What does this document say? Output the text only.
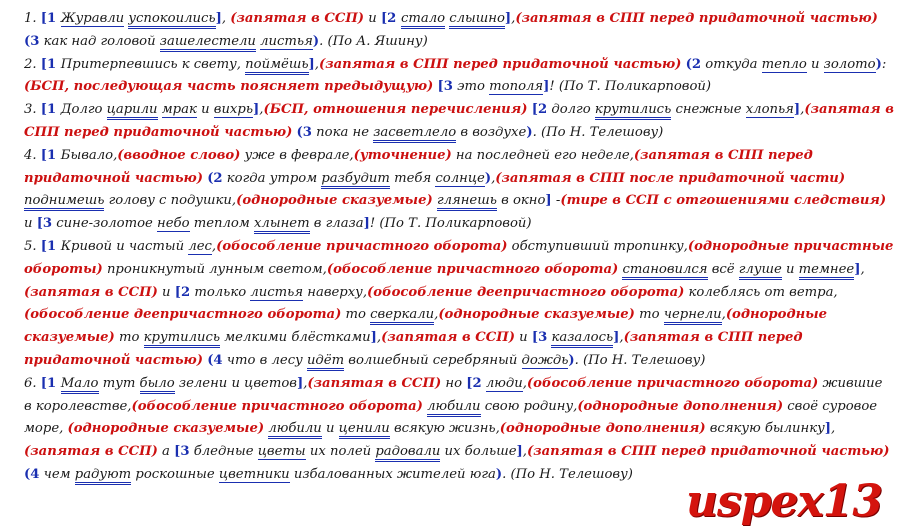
1. [1 Журавли успокоились], (запятая в ССП) и [2 стало слышно],(запятая в СПП перед придаточной частью) (3 как над головой зашелестели листья). (По А. Яшину)

2. [1 Притерпевшись к свету, поймёшь],(запятая в СПП перед придаточной частью) (2 откуда тепло и золото):(БСП, последующая часть поясняет предыдущую) [3 это тополя]! (По Т. Поликарповой)

3. [1 Долго царили мрак и вихрь],(БСП, отношения перечисления) [2 долго крутились снежные хлопья],(запятая в СПП перед придаточной частью) (3 пока не засветлело в воздухе). (По Н. Телешову)

4. [1 Бывало,(вводное слово) уже в феврале,(уточнение) на последней его неделе,(запятая в СПП перед придаточной частью) (2 когда утром разбудит тебя солнце),(запятая в СПП после придаточной части) поднимешь голову с подушки,(однородные сказуемые) глянешь в окно] -(тире в ССП с отгошениями следствия) и [3 сине-золотое небо теплом хлынет в глаза]! (По Т. Поликарповой)

5. [1 Кривой и частый лес,(обособление причастного оборота) обступивший тропинку,(однородные причастные обороты) проникнутый лунным светом,(обособление причастного оборота) становился всё глуше и темнее], (запятая в ССП) и [2 только листья наверху,(обособление деепричастного оборота) колеблясь от ветра,(обособление деепричастного оборота) то сверкали,(однородные сказуемые) то чернели,(однородные сказуемые) то крутились мелкими блёстками],(запятая в ССП) и [3 казалось],(запятая в СПП перед придаточной частью) (4 что в лесу идёт волшебный серебряный дождь). (По Н. Телешову)

6. [1 Мало тут было зелени и цветов],(запятая в ССП) но [2 люди,(обособление причастного оборота) жившие в королевстве,(обособление причастного оборота) любили свою родину,(однородные дополнения) своё суровое море, (однородные сказуемые) любили и ценили всякую жизнь,(однородные дополнения) всякую былинку],(запятая в ССП) а [3 бледные цветы их полей радовали их больше],(запятая в СПП перед придаточной частью) (4 чем радуют роскошные цветники избалованных жителей юга). (По Н. Телешову)

uspex13
